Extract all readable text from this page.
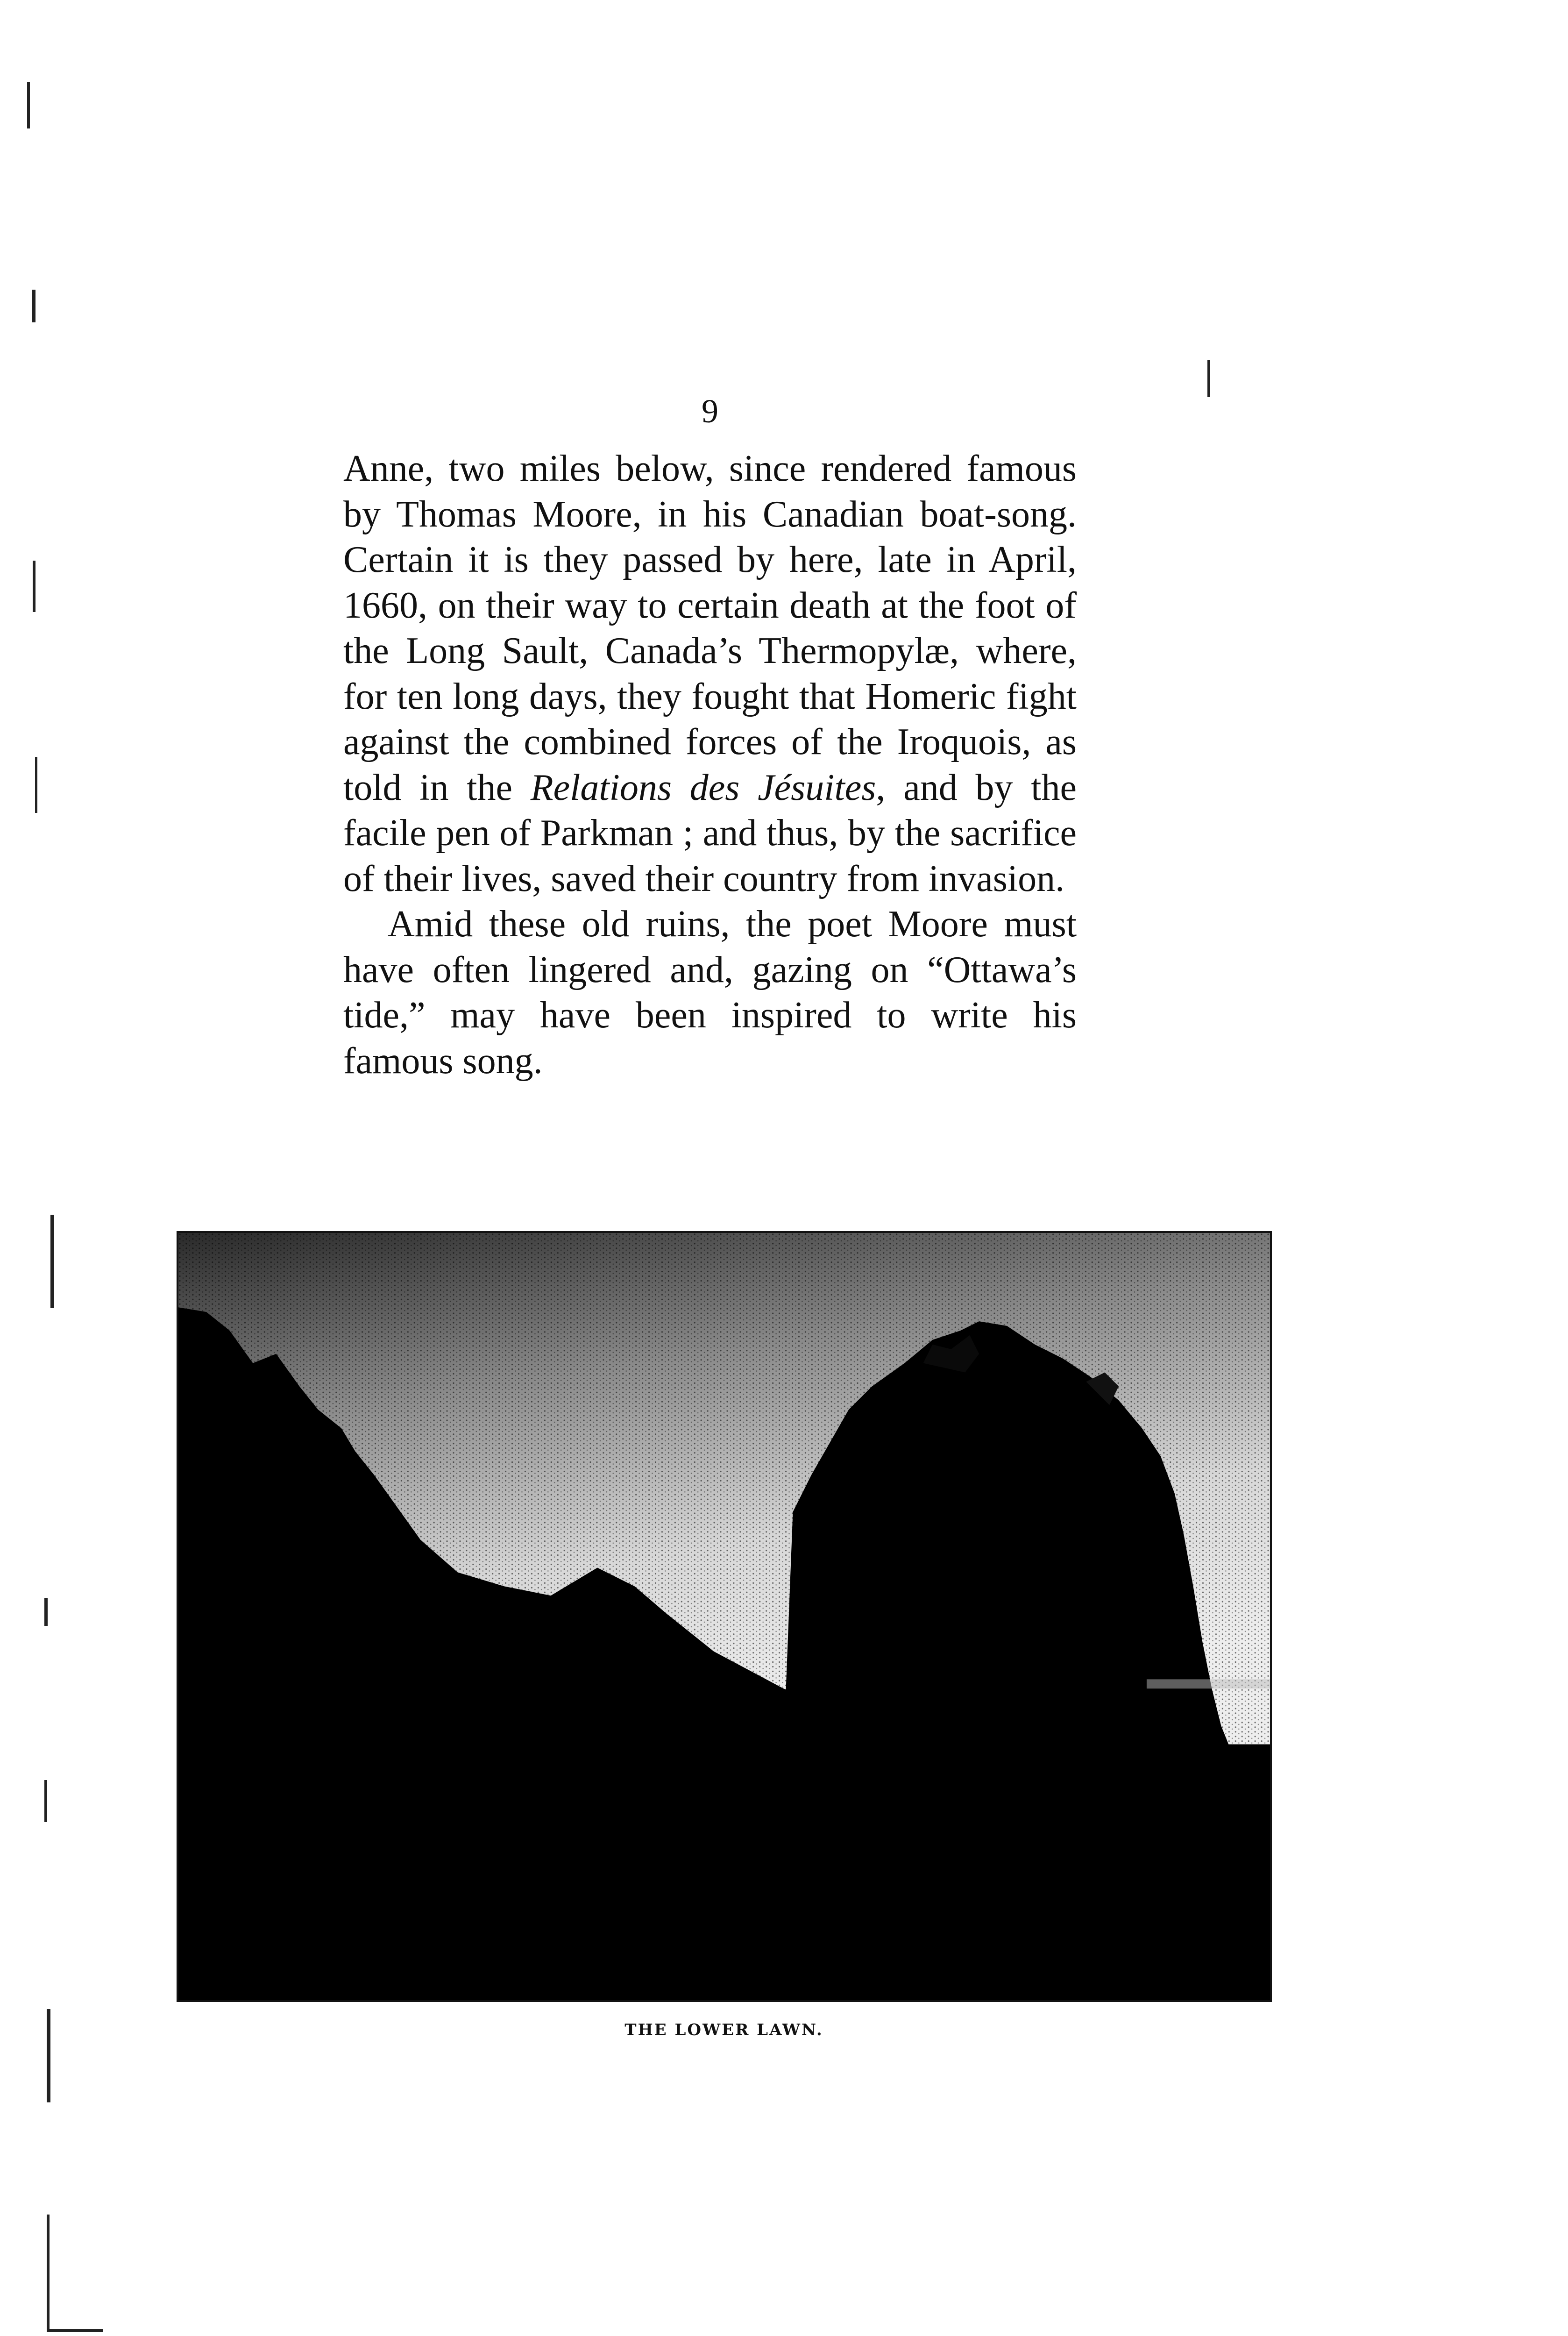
9

Anne, two miles below, since rendered famous by Thomas Moore, in his Canadian boat-song. Certain it is they passed by here, late in April, 1660, on their way to certain death at the foot of the Long Sault, Canada’s Thermopylæ, where, for ten long days, they fought that Homeric fight against the combined forces of the Iroquois, as told in the Relations des Jésuites, and by the facile pen of Parkman ; and thus, by the sacrifice of their lives, saved their country from invasion.

Amid these old ruins, the poet Moore must have often lingered and, gazing on “Ottawa’s tide,” may have been inspired to write his famous song.

THE LOWER LAWN.
